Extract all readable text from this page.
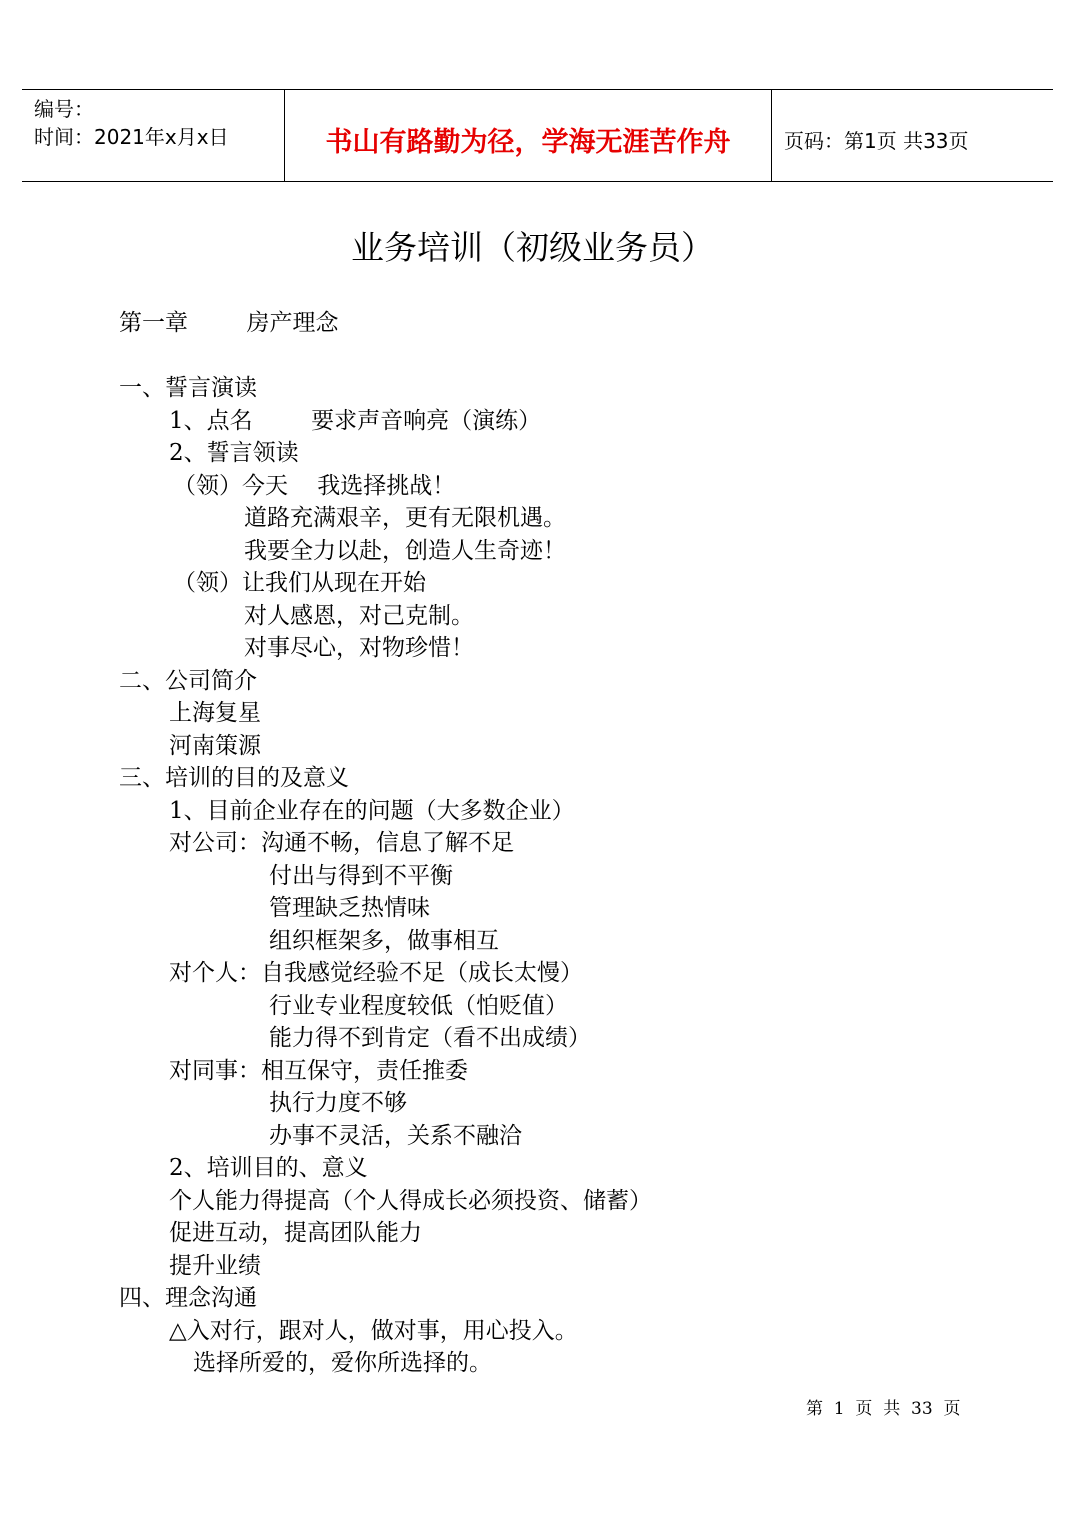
编号：
时间：2021年x月x日	书山有路勤为径，学海无涯苦作舟	页码：第1页 共33页
业务培训（初级业务员）
第一章        房产理念
一、誓言演读
1、点名        要求声音响亮（演练）
2、誓言领读
（领）今天    我选择挑战！
道路充满艰辛，更有无限机遇。
我要全力以赴，创造人生奇迹！
（领）让我们从现在开始
对人感恩，对己克制。
对事尽心，对物珍惜！
二、公司简介
上海复星
河南策源
三、培训的目的及意义
1、目前企业存在的问题（大多数企业）
对公司：沟通不畅，信息了解不足
付出与得到不平衡
管理缺乏热情味
组织框架多，做事相互
对个人：自我感觉经验不足（成长太慢）
行业专业程度较低（怕贬值）
能力得不到肯定（看不出成绩）
对同事：相互保守，责任推委
执行力度不够
办事不灵活，关系不融洽
2、培训目的、意义
个人能力得提高（个人得成长必须投资、储蓄）
促进互动，提高团队能力
提升业绩
四、理念沟通
△入对行，跟对人，做对事，用心投入。
选择所爱的，爱你所选择的。
第  1  页  共  33  页
